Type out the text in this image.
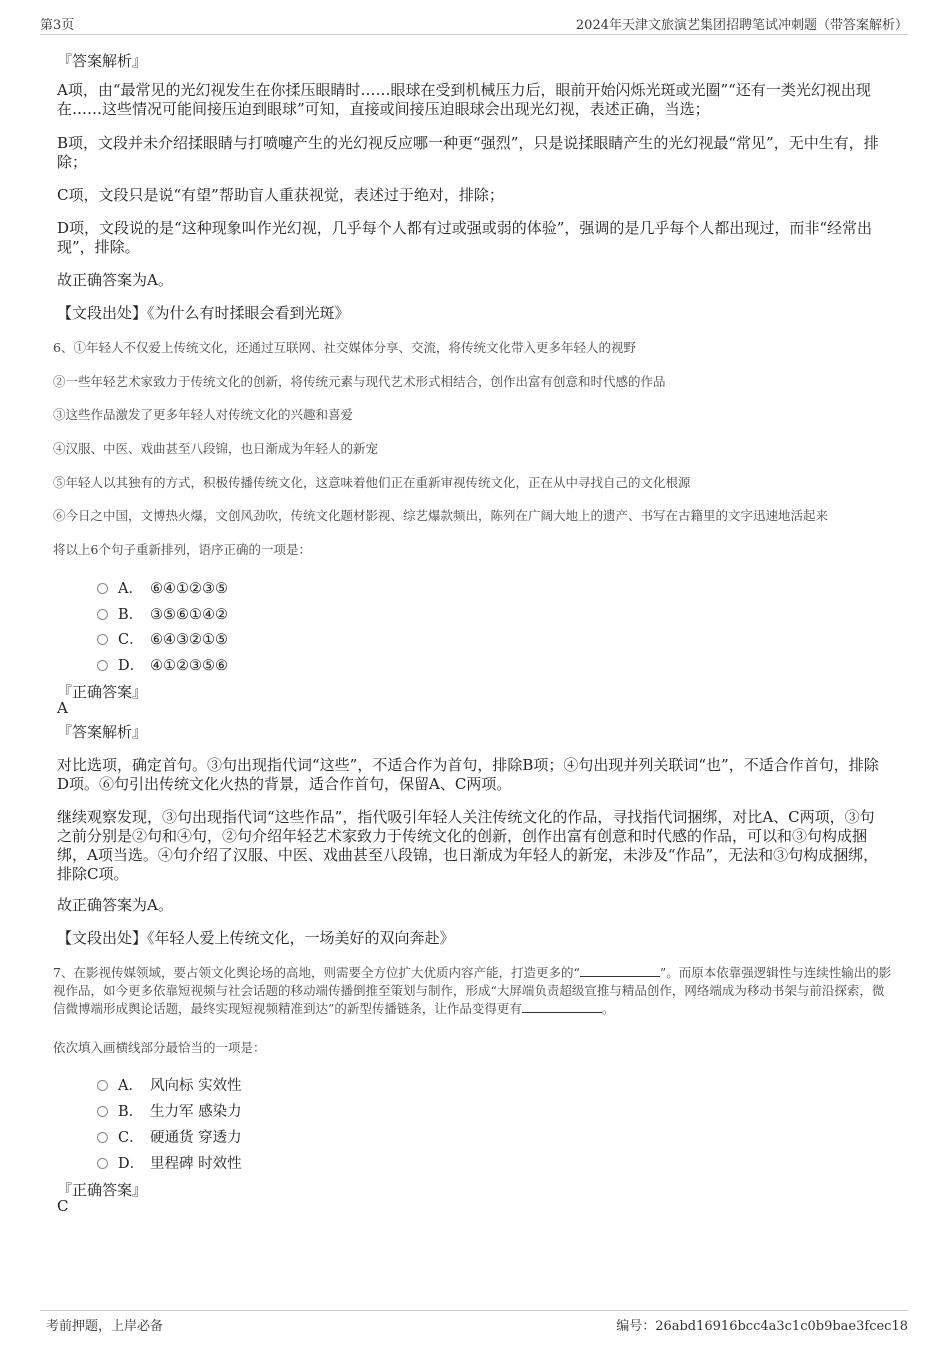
第3页	2024年天津文旅演艺集团招聘笔试冲刺题（带答案解析）
『答案解析』
A项，由“最常见的光幻视发生在你揉压眼睛时……眼球在受到机械压力后，眼前开始闪烁光斑或光圈”“还有一类光幻视出现在……这些情况可能间接压迫到眼球”可知，直接或间接压迫眼球会出现光幻视，表述正确，当选；
B项，文段并未介绍揉眼睛与打喷嚏产生的光幻视反应哪一种更“强烈”，只是说揉眼睛产生的光幻视最“常见”，无中生有，排除；
C项，文段只是说“有望”帮助盲人重获视觉，表述过于绝对，排除；
D项，文段说的是“这种现象叫作光幻视，几乎每个人都有过或强或弱的体验”，强调的是几乎每个人都出现过，而非“经常出现”，排除。
故正确答案为A。
【文段出处】《为什么有时揉眼会看到光斑》
6、①年轻人不仅爱上传统文化，还通过互联网、社交媒体分享、交流，将传统文化带入更多年轻人的视野
②一些年轻艺术家致力于传统文化的创新，将传统元素与现代艺术形式相结合，创作出富有创意和时代感的作品
③这些作品激发了更多年轻人对传统文化的兴趣和喜爱
④汉服、中医、戏曲甚至八段锦，也日渐成为年轻人的新宠
⑤年轻人以其独有的方式，积极传播传统文化，这意味着他们正在重新审视传统文化，正在从中寻找自己的文化根源
⑥今日之中国，文博热火爆，文创风劲吹，传统文化题材影视、综艺爆款频出，陈列在广阔大地上的遗产、书写在古籍里的文字迅速地活起来
将以上6个句子重新排列，语序正确的一项是：
A． ⑥④①②③⑤
B． ③⑤⑥①④②
C． ⑥④③②①⑤
D． ④①②③⑤⑥
『正确答案』
A
『答案解析』
对比选项，确定首句。③句出现指代词“这些”，不适合作为首句，排除B项；④句出现并列关联词“也”，不适合作首句，排除D项。⑥句引出传统文化火热的背景，适合作首句，保留A、C两项。
继续观察发现，③句出现指代词“这些作品”，指代吸引年轻人关注传统文化的作品，寻找指代词捆绑，对比A、C两项，③句之前分别是②句和④句，②句介绍年轻艺术家致力于传统文化的创新，创作出富有创意和时代感的作品，可以和③句构成捆绑，A项当选。④句介绍了汉服、中医、戏曲甚至八段锦，也日渐成为年轻人的新宠，未涉及“作品”，无法和③句构成捆绑，排除C项。
故正确答案为A。
【文段出处】《年轻人爱上传统文化，一场美好的双向奔赴》
7、在影视传媒领域，要占领文化舆论场的高地，则需要全方位扩大优质内容产能，打造更多的“	”。而原本依靠强逻辑性与连续性输出的影视作品，如今更多依靠短视频与社会话题的移动端传播倒推至策划与制作，形成“大屏端负责超级宣推与精品创作，网络端成为移动书架与前沿探索，微信微博端形成舆论话题，最终实现短视频精准到达”的新型传播链条，让作品变得更有	。
依次填入画横线部分最恰当的一项是：
A． 风向标 实效性
B． 生力军 感染力
C． 硬通货 穿透力
D． 里程碑 时效性
『正确答案』
C
考前押题，上岸必备	编号：26abd16916bcc4a3c1c0b9bae3fcec18
